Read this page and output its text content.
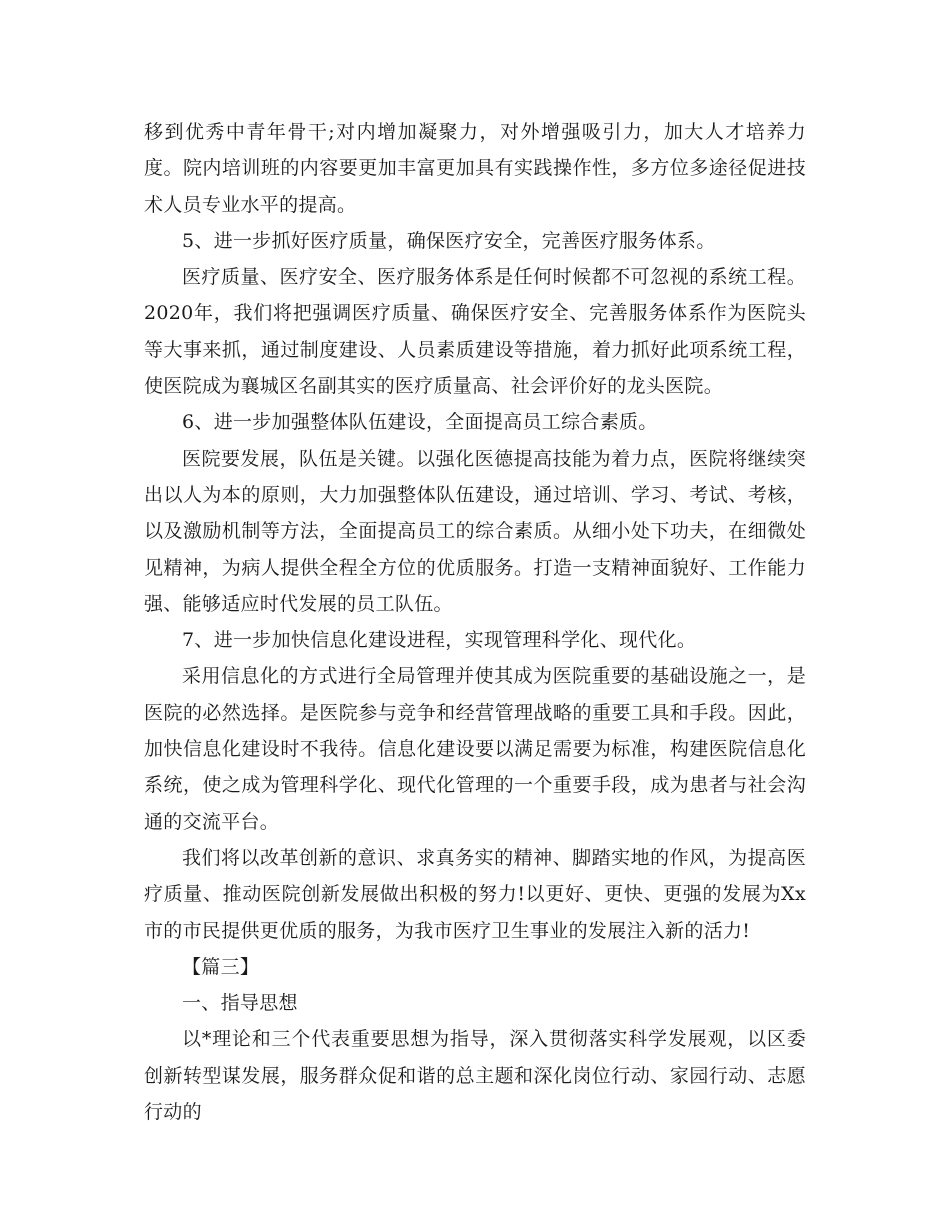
移到优秀中青年骨干;对内增加凝聚力，对外增强吸引力，加大人才培养力度。院内培训班的内容要更加丰富更加具有实践操作性，多方位多途径促进技术人员专业水平的提高。

5、进一步抓好医疗质量，确保医疗安全，完善医疗服务体系。

医疗质量、医疗安全、医疗服务体系是任何时候都不可忽视的系统工程。2020年，我们将把强调医疗质量、确保医疗安全、完善服务体系作为医院头等大事来抓，通过制度建设、人员素质建设等措施，着力抓好此项系统工程，使医院成为襄城区名副其实的医疗质量高、社会评价好的龙头医院。

6、进一步加强整体队伍建设，全面提高员工综合素质。

医院要发展，队伍是关键。以强化医德提高技能为着力点，医院将继续突出以人为本的原则，大力加强整体队伍建设，通过培训、学习、考试、考核，以及激励机制等方法，全面提高员工的综合素质。从细小处下功夫，在细微处见精神，为病人提供全程全方位的优质服务。打造一支精神面貌好、工作能力强、能够适应时代发展的员工队伍。

7、进一步加快信息化建设进程，实现管理科学化、现代化。

采用信息化的方式进行全局管理并使其成为医院重要的基础设施之一，是医院的必然选择。是医院参与竞争和经营管理战略的重要工具和手段。因此，加快信息化建设时不我待。信息化建设要以满足需要为标准，构建医院信息化系统，使之成为管理科学化、现代化管理的一个重要手段，成为患者与社会沟通的交流平台。

我们将以改革创新的意识、求真务实的精神、脚踏实地的作风，为提高医疗质量、推动医院创新发展做出积极的努力!以更好、更快、更强的发展为Xx市的市民提供更优质的服务，为我市医疗卫生事业的发展注入新的活力!

【篇三】

一、指导思想

以*理论和三个代表重要思想为指导，深入贯彻落实科学发展观，以区委创新转型谋发展，服务群众促和谐的总主题和深化岗位行动、家园行动、志愿行动的
